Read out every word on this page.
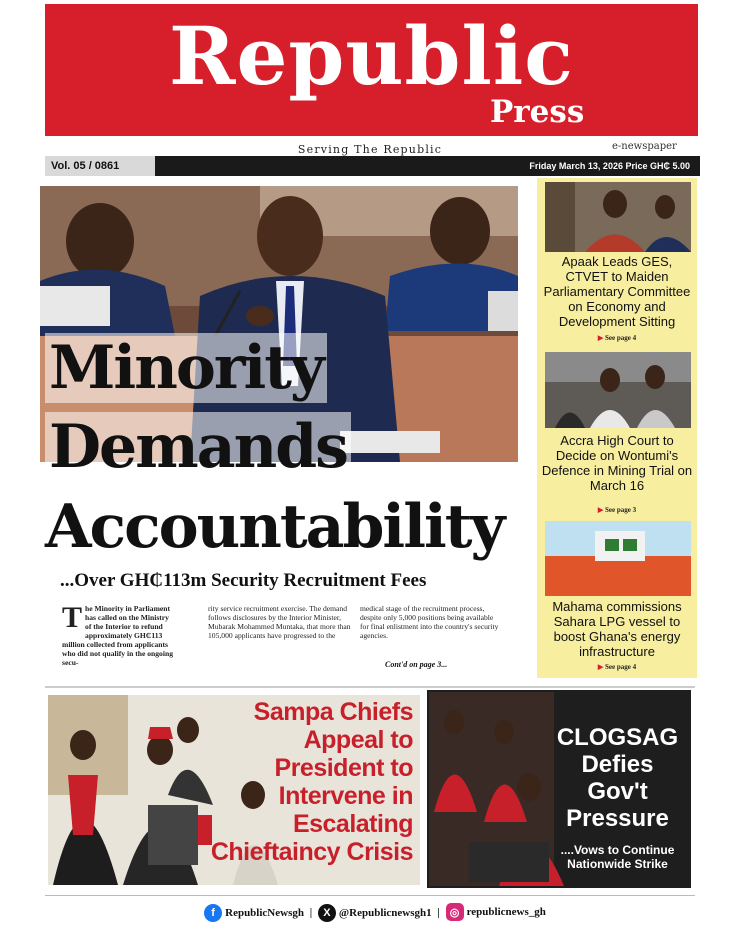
Republic
Press
Serving The Republic	e-newspaper
Vol. 05 / 0861	Friday March 13, 2026 Price GH₵ 5.00
Apaak Leads GES, CTVET to Maiden Parliamentary Committee on Economy and Development Sitting
▶ See page 4
Accra High Court to Decide on Wontumi's Defence in Mining Trial on March 16
▶ See page 3
Mahama commissions Sahara LPG vessel to boost Ghana's energy infrastructure
▶ See page 4
Minority
Demands
Accountability
...Over GH₵113m Security Recruitment Fees
The Minority in Parliament has called on the Ministry of the Interior to refund approximately GH₵113 million collected from applicants who did not qualify in the ongoing secu-
rity service recruitment exercise. The demand follows disclosures by the Interior Minister, Mubarak Mohammed Muntaka, that more than 105,000 applicants have progressed to the
medical stage of the recruitment process, despite only 5,000 positions being available for final enlistment into the country's security agencies.
Cont'd on page 3...
Sampa Chiefs
Appeal to
President to
Intervene in
Escalating
Chieftaincy Crisis
CLOGSAG
Defies
Gov't
Pressure
....Vows to Continue
Nationwide Strike
f RepublicNewsgh | X @Republicnewsgh1 | ◎ republicnews_gh
